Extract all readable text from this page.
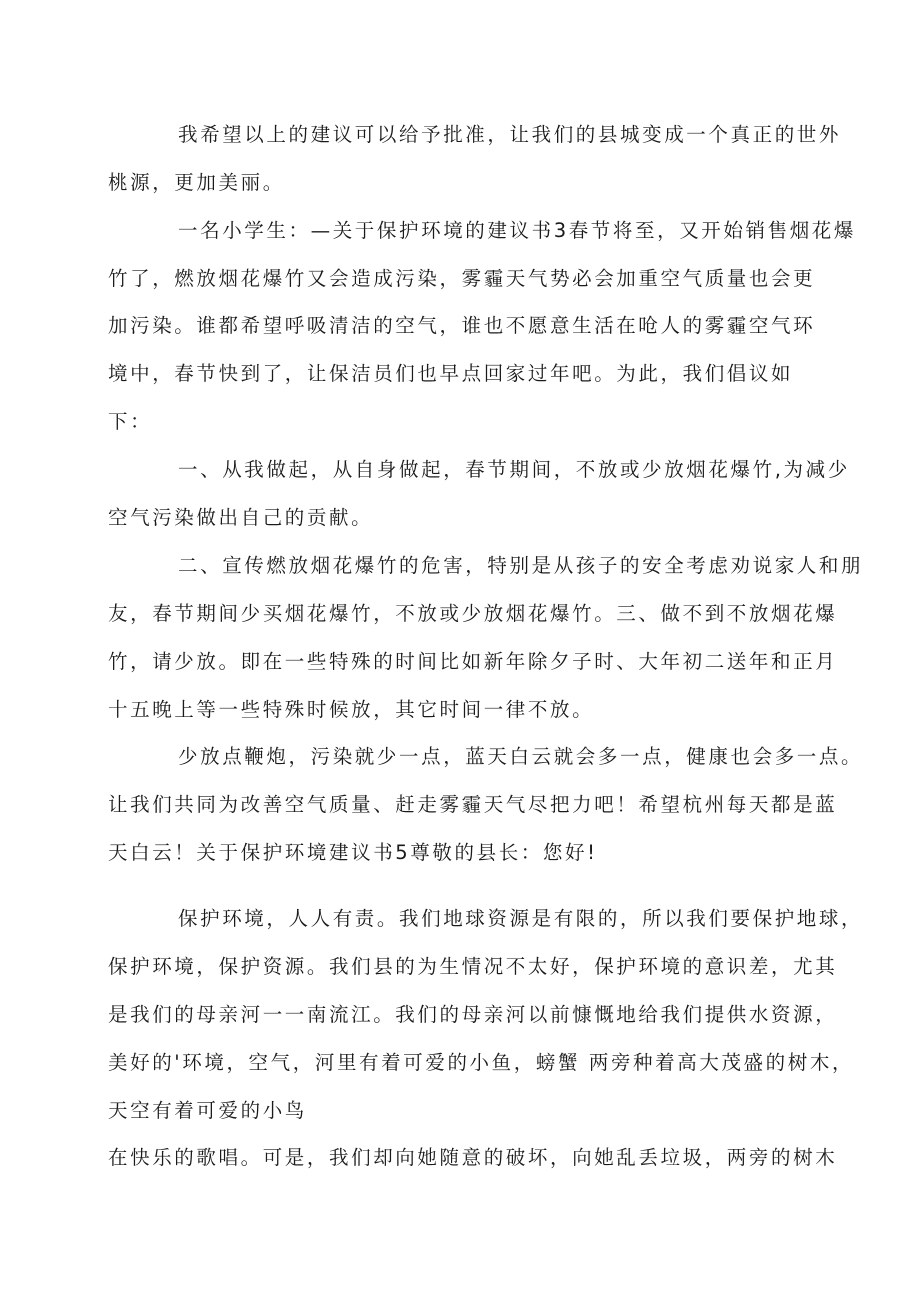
我希望以上的建议可以给予批准，让我们的县城变成一个真正的世外
桃源，更加美丽。
一名小学生：—关于保护环境的建议书3春节将至，又开始销售烟花爆
竹了，燃放烟花爆竹又会造成污染，雾霾天气势必会加重空气质量也会更
加污染。谁都希望呼吸清洁的空气，谁也不愿意生活在呛人的雾霾空气环
境中，春节快到了，让保洁员们也早点回家过年吧。为此，我们倡议如
下：
一、从我做起，从自身做起，春节期间，不放或少放烟花爆竹,为减少
空气污染做出自己的贡献。
二、宣传燃放烟花爆竹的危害，特别是从孩子的安全考虑劝说家人和朋
友，春节期间少买烟花爆竹，不放或少放烟花爆竹。三、做不到不放烟花爆
竹，请少放。即在一些特殊的时间比如新年除夕子时、大年初二送年和正月
十五晚上等一些特殊时候放，其它时间一律不放。
少放点鞭炮，污染就少一点，蓝天白云就会多一点，健康也会多一点。
让我们共同为改善空气质量、赶走雾霾天气尽把力吧！希望杭州每天都是蓝
天白云！关于保护环境建议书5尊敬的县长：您好!
保护环境，人人有责。我们地球资源是有限的，所以我们要保护地球，
保护环境，保护资源。我们县的为生情况不太好，保护环境的意识差，尤其
是我们的母亲河一一南流江。我们的母亲河以前慷慨地给我们提供水资源，
美好的'环境，空气，河里有着可爱的小鱼，螃蟹 两旁种着高大茂盛的树木，
天空有着可爱的小鸟
在快乐的歌唱。可是，我们却向她随意的破坏，向她乱丢垃圾，两旁的树木
